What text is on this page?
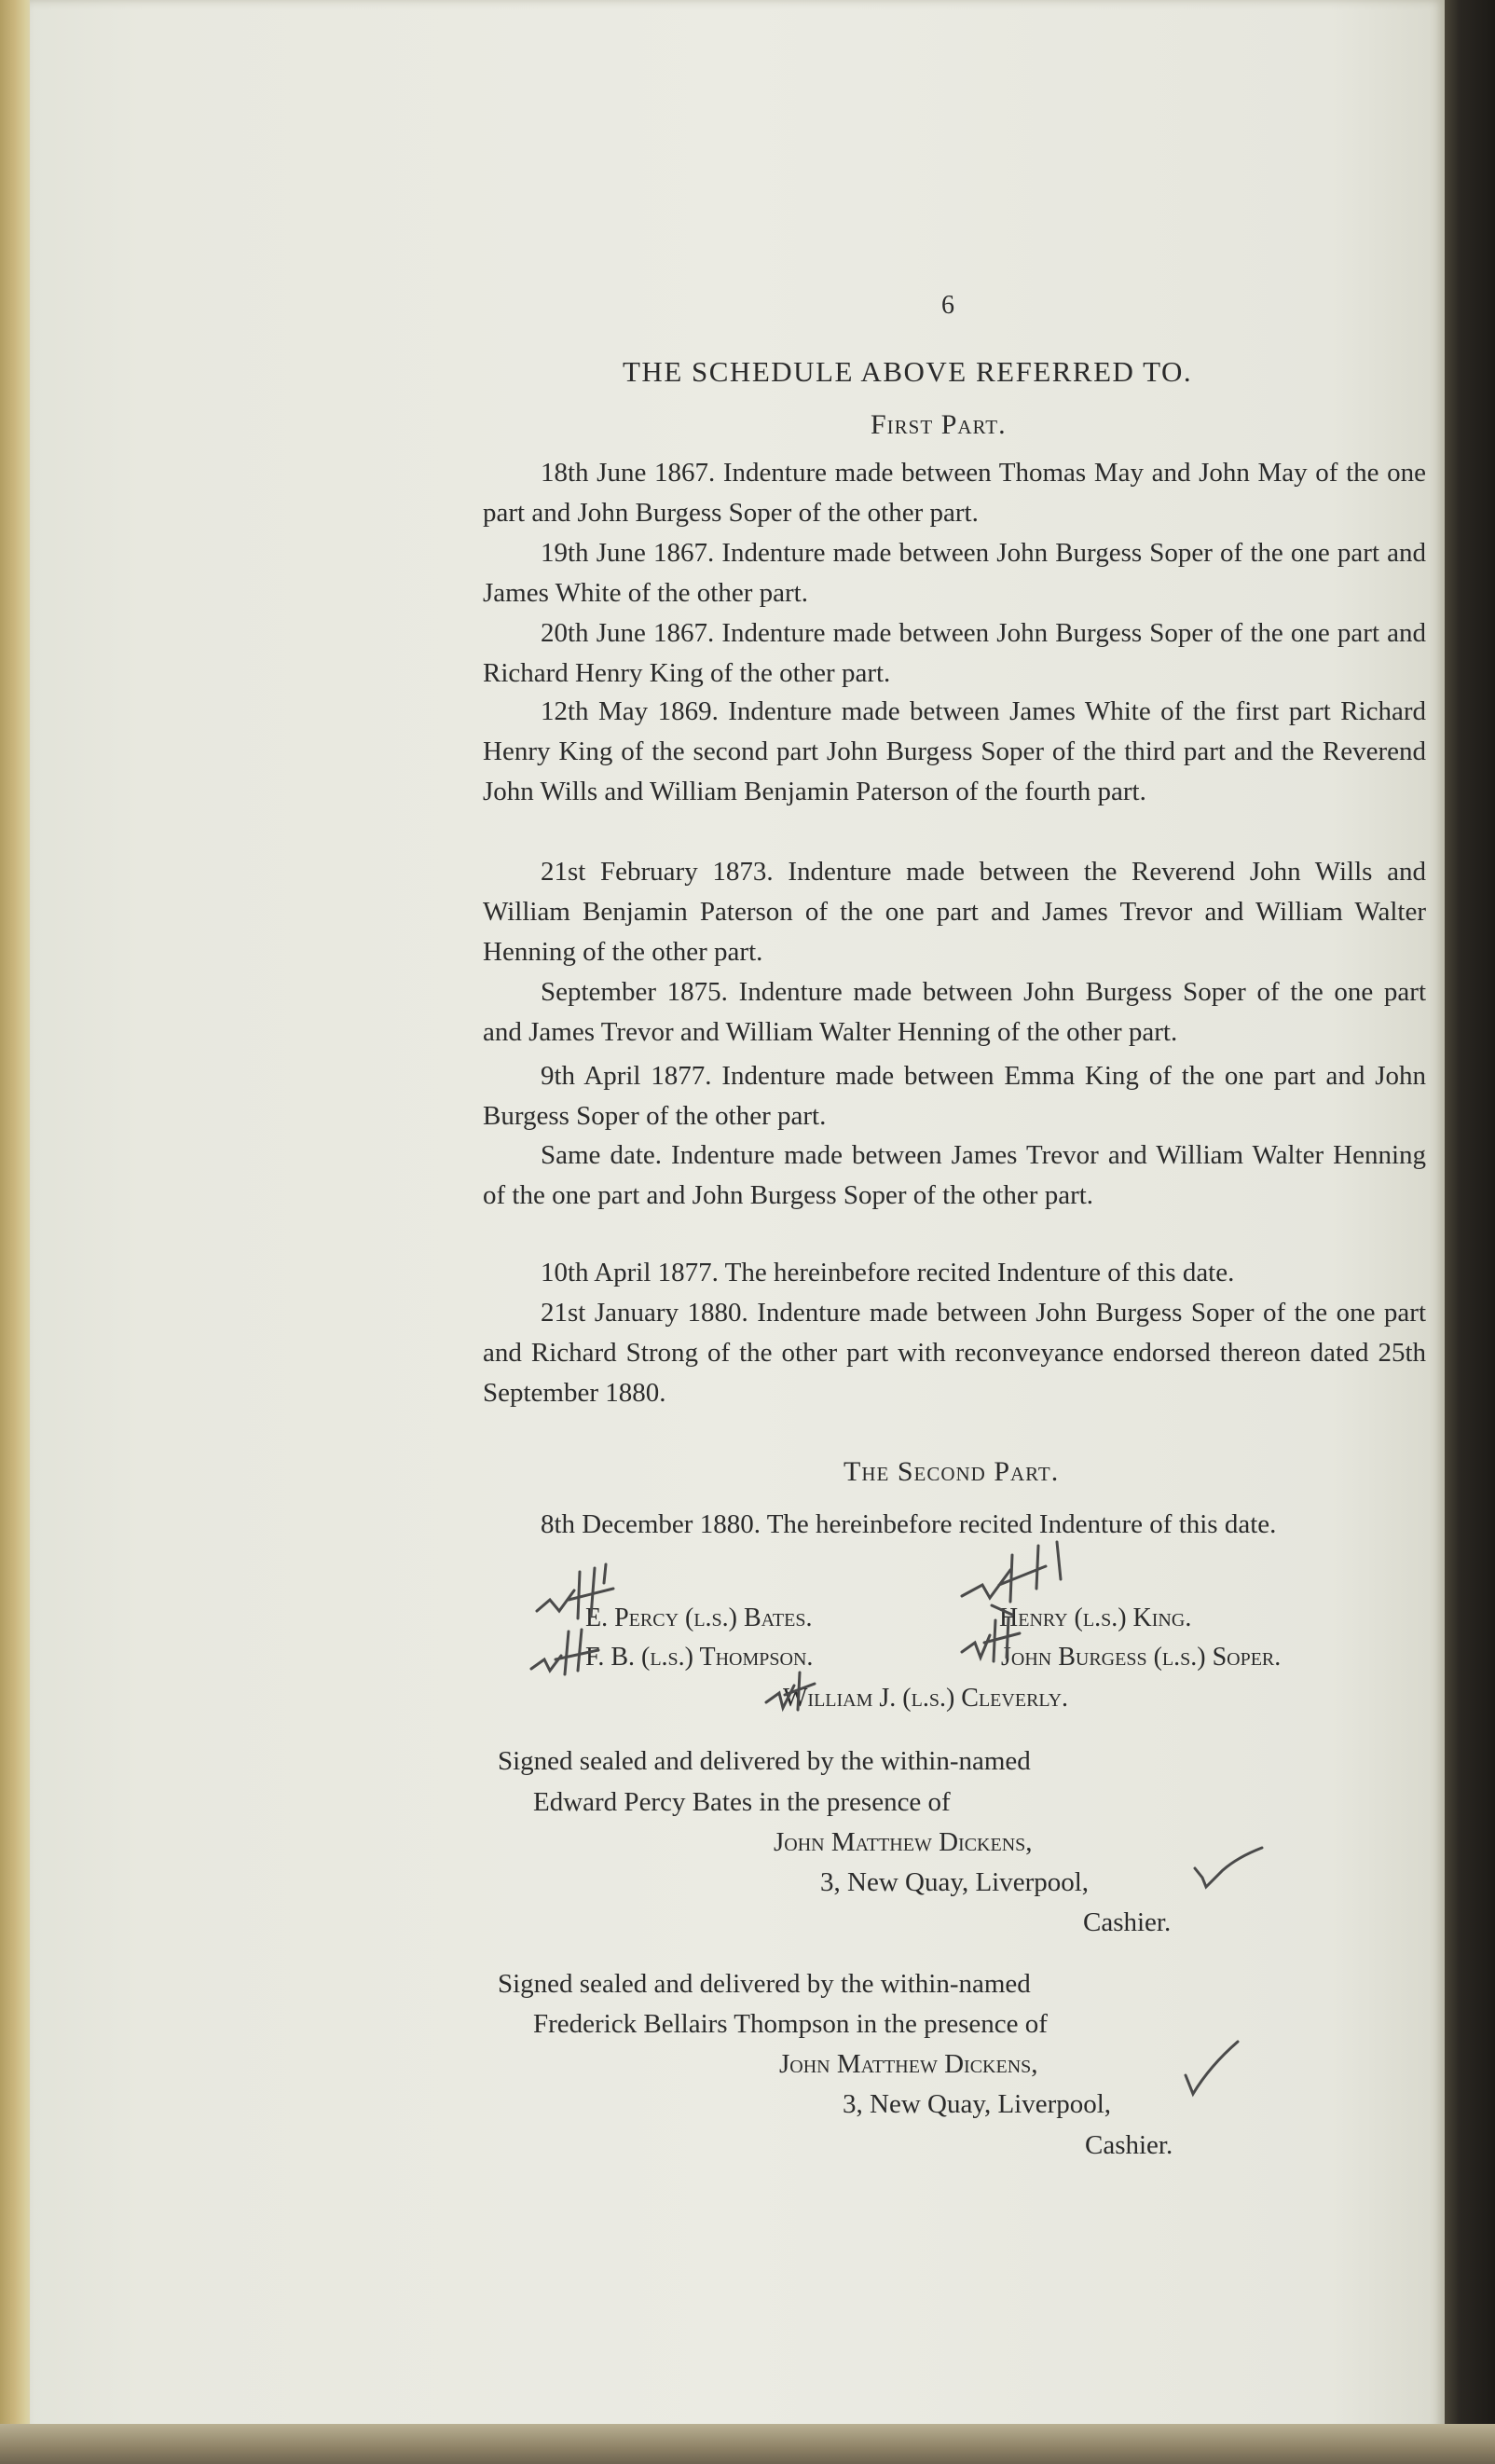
6
THE SCHEDULE ABOVE REFERRED TO.
First Part.
18th June 1867. Indenture made between Thomas May and John May of the one part and John Burgess Soper of the other part.
19th June 1867. Indenture made between John Burgess Soper of the one part and James White of the other part.
20th June 1867. Indenture made between John Burgess Soper of the one part and Richard Henry King of the other part.
12th May 1869. Indenture made between James White of the first part Richard Henry King of the second part John Burgess Soper of the third part and the Reverend John Wills and William Benjamin Paterson of the fourth part.
21st February 1873. Indenture made between the Reverend John Wills and William Benjamin Paterson of the one part and James Trevor and William Walter Henning of the other part.
September 1875. Indenture made between John Burgess Soper of the one part and James Trevor and William Walter Henning of the other part.
9th April 1877. Indenture made between Emma King of the one part and John Burgess Soper of the other part.
Same date. Indenture made between James Trevor and William Walter Henning of the one part and John Burgess Soper of the other part.
10th April 1877. The hereinbefore recited Indenture of this date.
21st January 1880. Indenture made between John Burgess Soper of the one part and Richard Strong of the other part with reconveyance endorsed thereon dated 25th September 1880.
The Second Part.
8th December 1880. The hereinbefore recited Indenture of this date.
E. Percy (l.s.) Bates.	Henry (l.s.) King.
F. B. (l.s.) Thompson.	John Burgess (l.s.) Soper.
William J. (l.s.) Cleverly.
Signed sealed and delivered by the within-named
Edward Percy Bates in the presence of
John Matthew Dickens,
3, New Quay, Liverpool,
Cashier.
Signed sealed and delivered by the within-named
Frederick Bellairs Thompson in the presence of
John Matthew Dickens,
3, New Quay, Liverpool,
Cashier.
